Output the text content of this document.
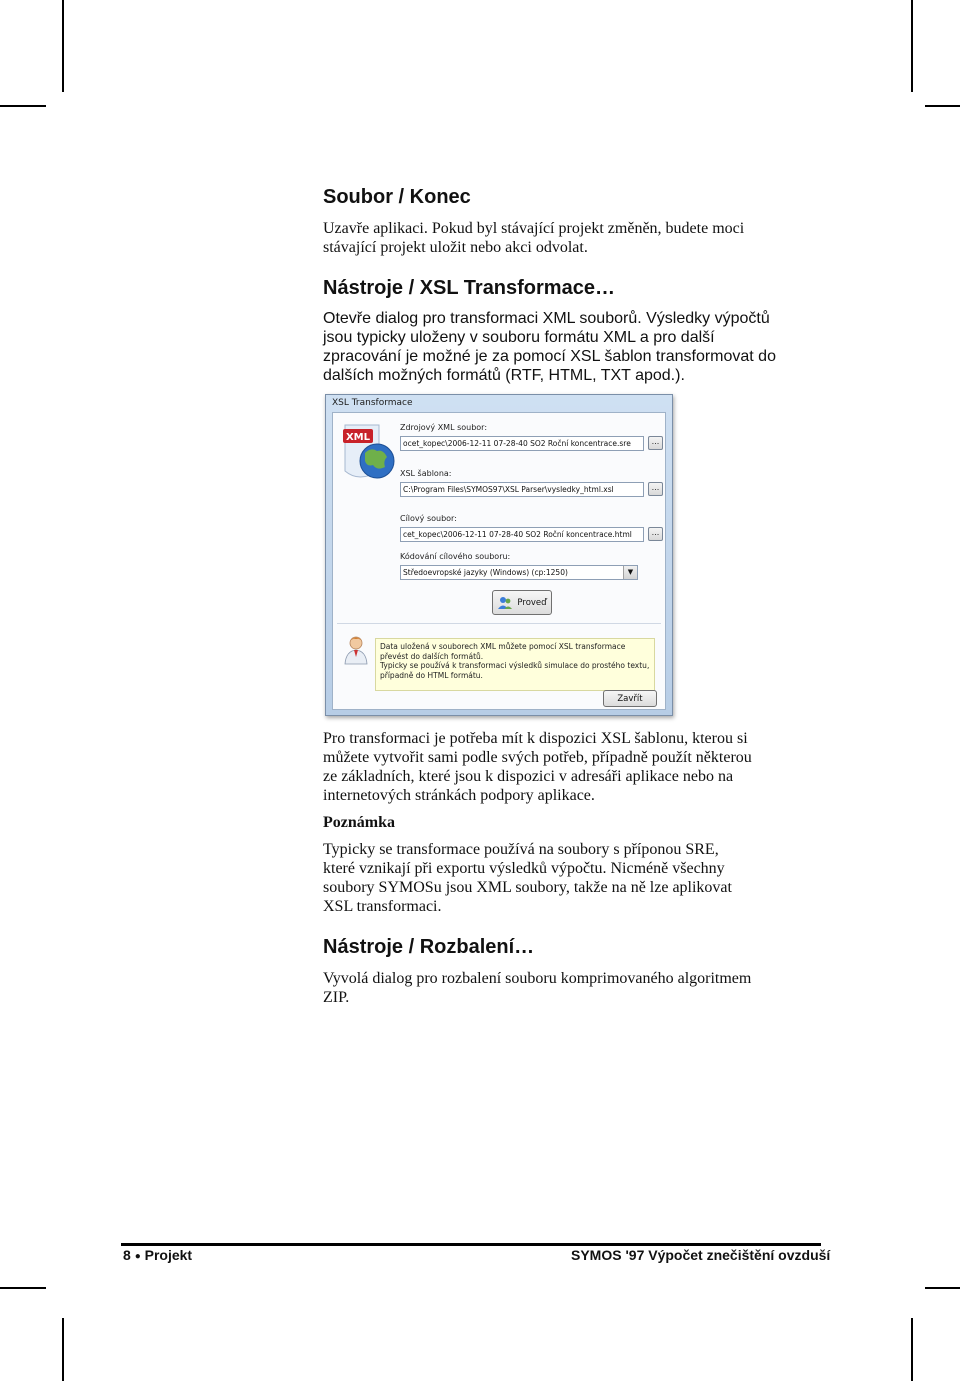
Soubor / Konec

Uzavře aplikaci. Pokud byl stávající projekt změněn, budete moci

stávající projekt uložit nebo akci odvolat.

Nástroje / XSL Transformace…

Otevře dialog pro transformaci XML souborů. Výsledky výpočtů

jsou typicky uloženy v souboru formátu XML a pro další

zpracování je možné je za pomocí XSL šablon transformovat do

dalších možných formátů (RTF, HTML, TXT apod.).

Pro transformaci je potřeba mít k dispozici XSL šablonu, kterou si

můžete vytvořit sami podle svých potřeb, případně použít některou

ze základních, které jsou k dispozici v adresáři aplikace nebo na

internetových stránkách podpory aplikace.

Poznámka

Typicky se transformace používá na soubory s příponou SRE,

které vznikají při exportu výsledků výpočtu. Nicméně všechny

soubory SYMOSu jsou XML soubory, takže na ně lze aplikovat

XSL transformaci.

Nástroje / Rozbalení…

Vyvolá dialog pro rozbalení souboru komprimovaného algoritmem

ZIP.

XSL Transformace
XML
Zdrojový XML soubor:
ocet_kopec\2006-12-11 07-28-40 SO2 Roční koncentrace.sre	...
XSL šablona:
C:\Program Files\SYMOS97\XSL Parser\vysledky_html.xsl	...
Cílový soubor:
cet_kopec\2006-12-11 07-28-40 SO2 Roční koncentrace.html	...
Kódování cílového souboru:
Středoevropské jazyky (Windows) (cp:1250)	▼
Proveď
Data uložená v souborech XML můžete pomocí XSL transformace
převést do dalších formátů.
Typicky se používá k transformaci výsledků simulace do prostého textu,
případně do HTML formátu.
Zavřít
8 ● Projekt	SYMOS '97 Výpočet znečištění ovzduší
